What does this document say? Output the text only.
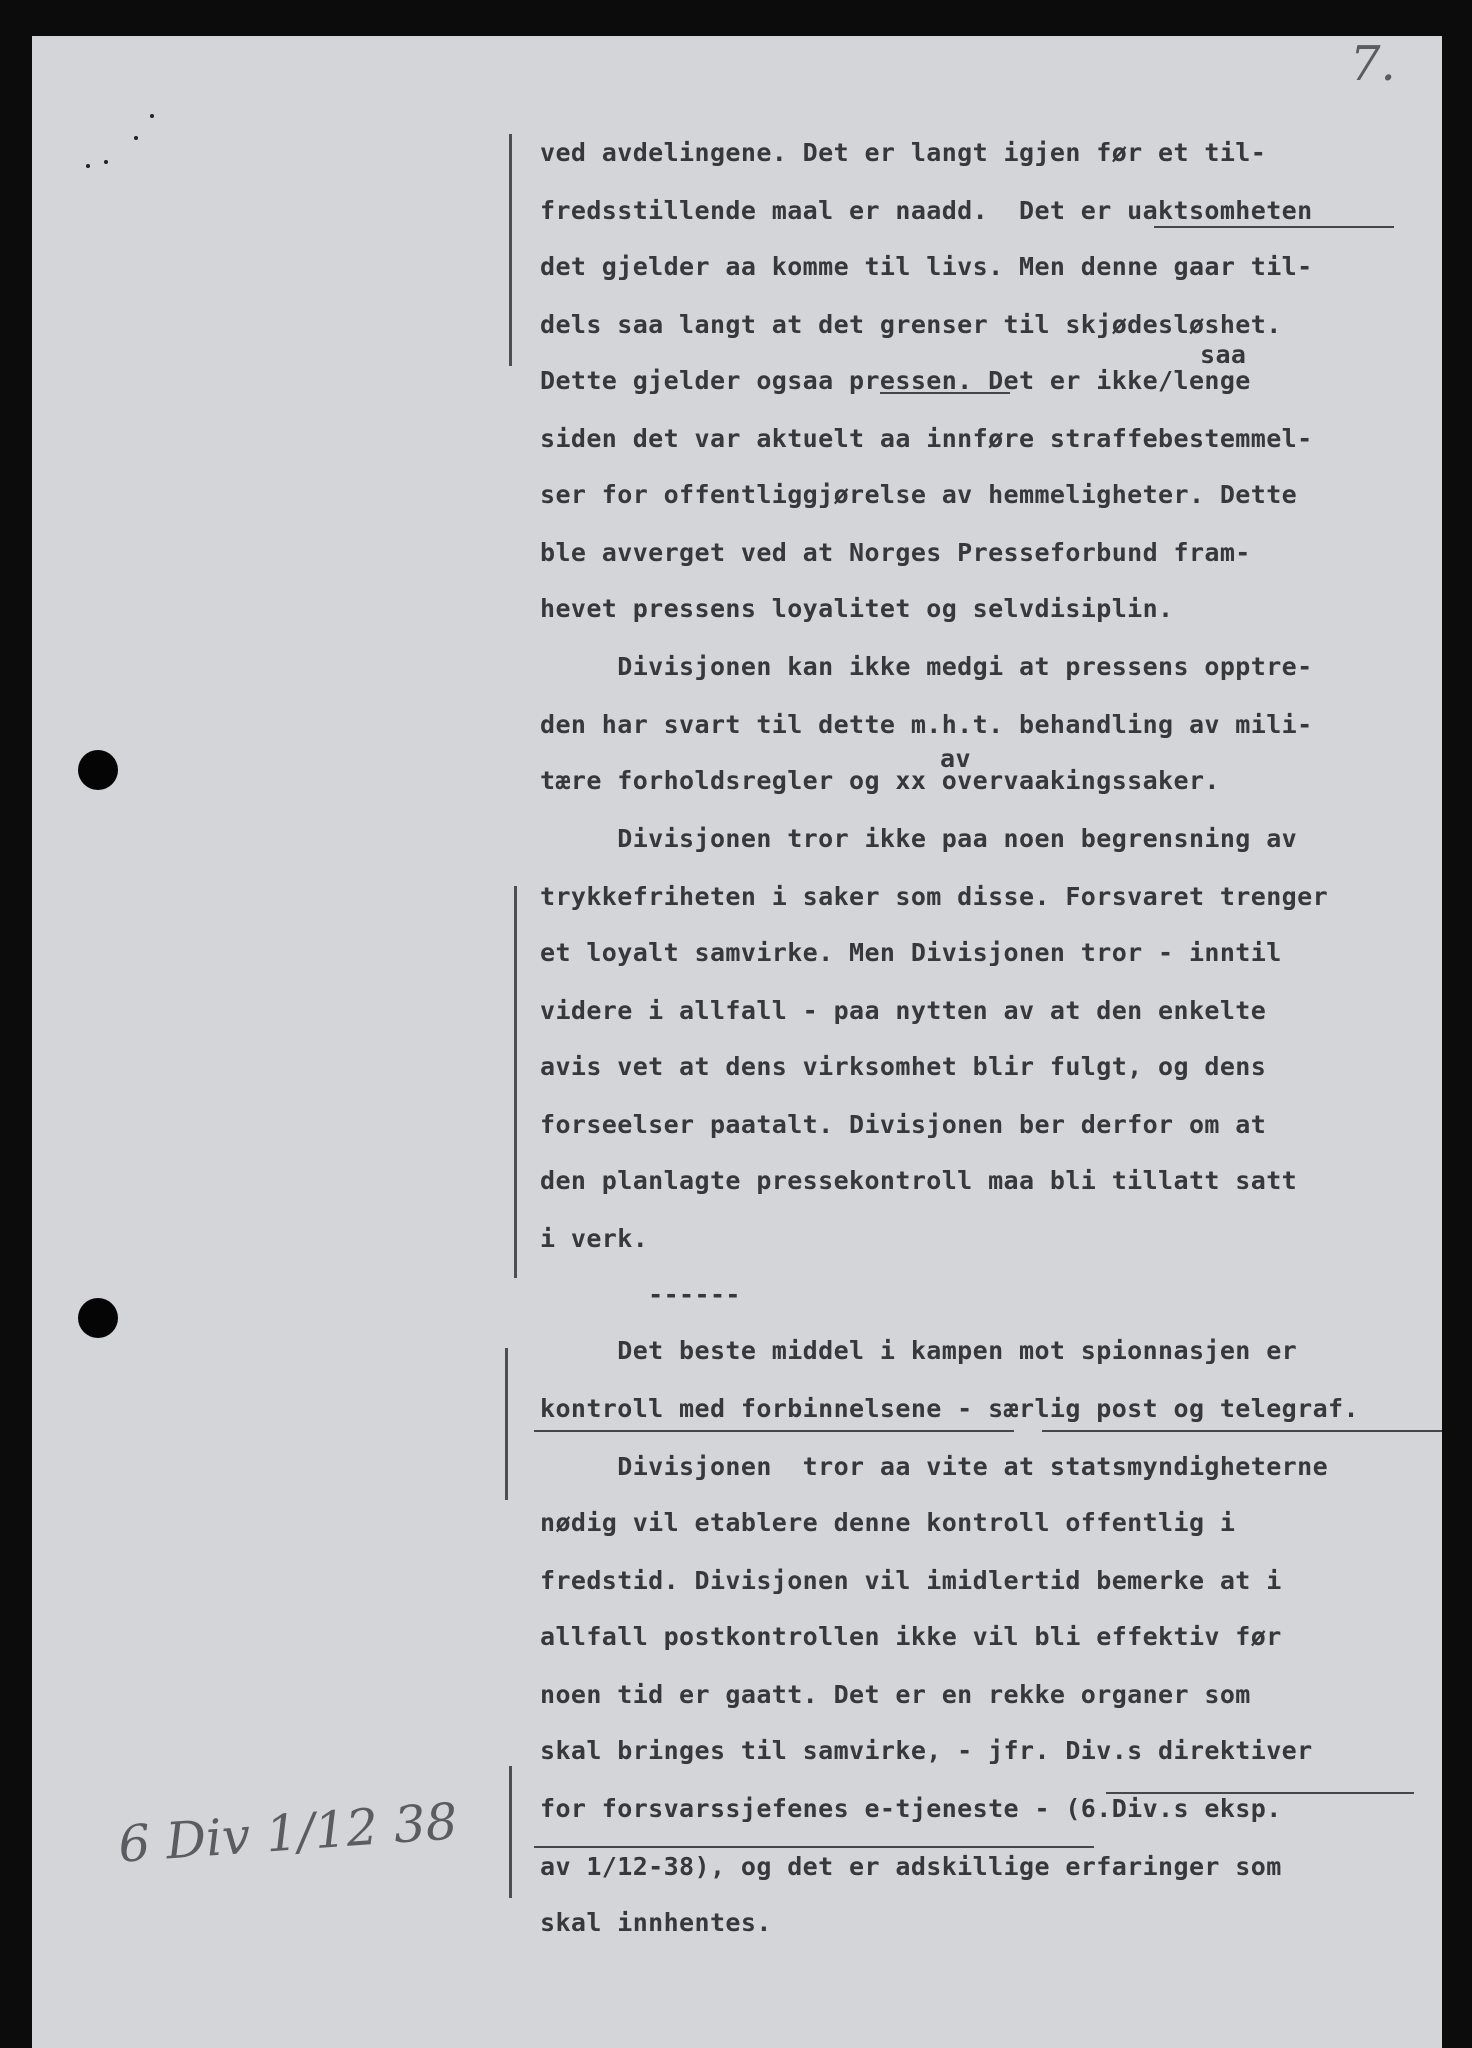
7.
saa
av
ved avdelingene. Det er langt igjen før et til-
fredsstillende maal er naadd.  Det er uaktsomheten
det gjelder aa komme til livs. Men denne gaar til-
dels saa langt at det grenser til skjødesløshet.
Dette gjelder ogsaa pressen. Det er ikke/lenge
siden det var aktuelt aa innføre straffebestemmel-
ser for offentliggjørelse av hemmeligheter. Dette
ble avverget ved at Norges Presseforbund fram-
hevet pressens loyalitet og selvdisiplin.
Divisjonen kan ikke medgi at pressens opptre-
den har svart til dette m.h.t. behandling av mili-
tære forholdsregler og xx overvaakingssaker.
Divisjonen tror ikke paa noen begrensning av
trykkefriheten i saker som disse. Forsvaret trenger
et loyalt samvirke. Men Divisjonen tror - inntil
videre i allfall - paa nytten av at den enkelte
avis vet at dens virksomhet blir fulgt, og dens
forseelser paatalt. Divisjonen ber derfor om at
den planlagte pressekontroll maa bli tillatt satt
i verk.
------
Det beste middel i kampen mot spionnasjen er
kontroll med forbinnelsene - særlig post og telegraf.
Divisjonen  tror aa vite at statsmyndigheterne
nødig vil etablere denne kontroll offentlig i
fredstid. Divisjonen vil imidlertid bemerke at i
allfall postkontrollen ikke vil bli effektiv før
noen tid er gaatt. Det er en rekke organer som
skal bringes til samvirke, - jfr. Div.s direktiver
for forsvarssjefenes e-tjeneste - (6.Div.s eksp.
av 1/12-38), og det er adskillige erfaringer som
skal innhentes.
6 Div 1/12 38
